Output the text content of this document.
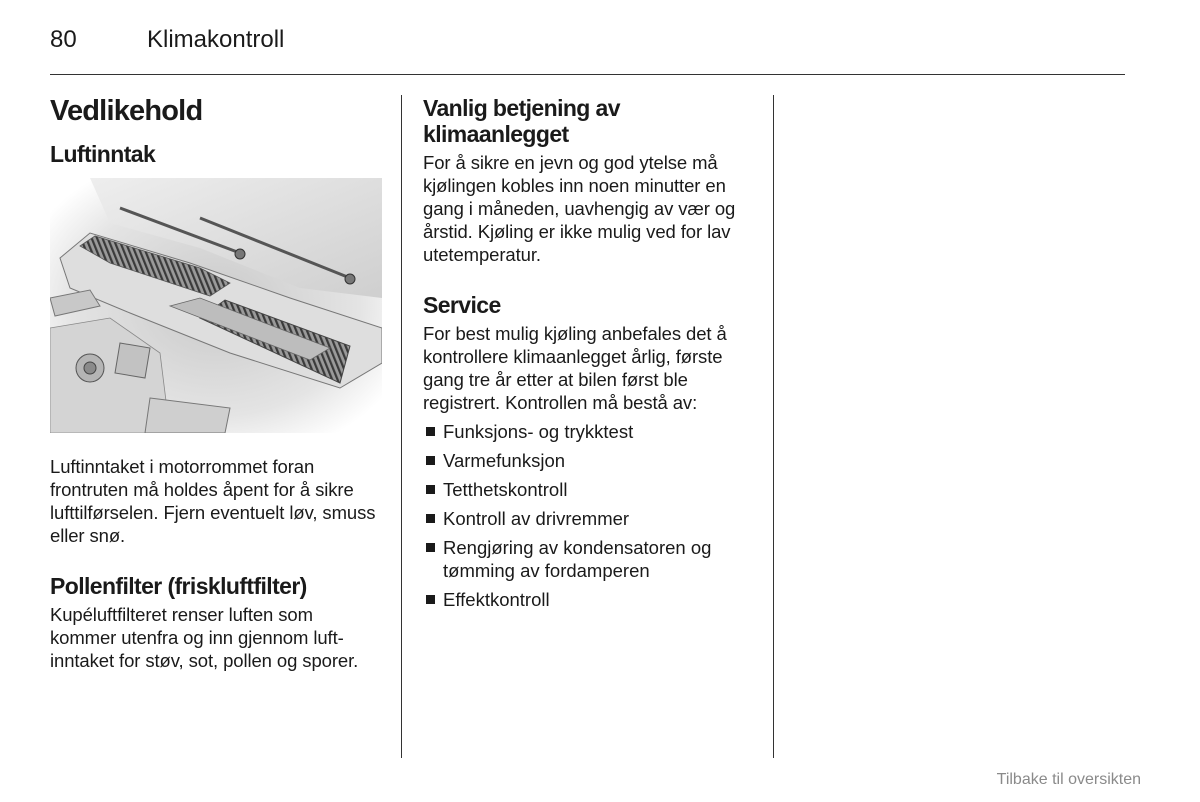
80	Klimakontroll
Vedlikehold
Luftinntak

Luftinntaket i motorrommet foran frontruten må holdes åpent for å sikre lufttilførselen. Fjern eventuelt løv, smuss eller snø.

Pollenfilter (friskluftfilter)

Kupéluftfilteret renser luften som kommer utenfra og inn gjennom luftinntaket for støv, sot, pollen og sporer.

Vanlig betjening av klimaanlegget

For å sikre en jevn og god ytelse må kjølingen kobles inn noen minutter en gang i måneden, uavhengig av vær og årstid. Kjøling er ikke mulig ved for lav utetemperatur.

Service

For best mulig kjøling anbefales det å kontrollere klimaanlegget årlig, første gang tre år etter at bilen først ble registrert. Kontrollen må bestå av:

Funksjons- og trykktest
Varmefunksjon
Tetthetskontroll
Kontroll av drivremmer
Rengjøring av kondensatoren og tømming av fordamperen
Effektkontroll
Tilbake til oversikten
